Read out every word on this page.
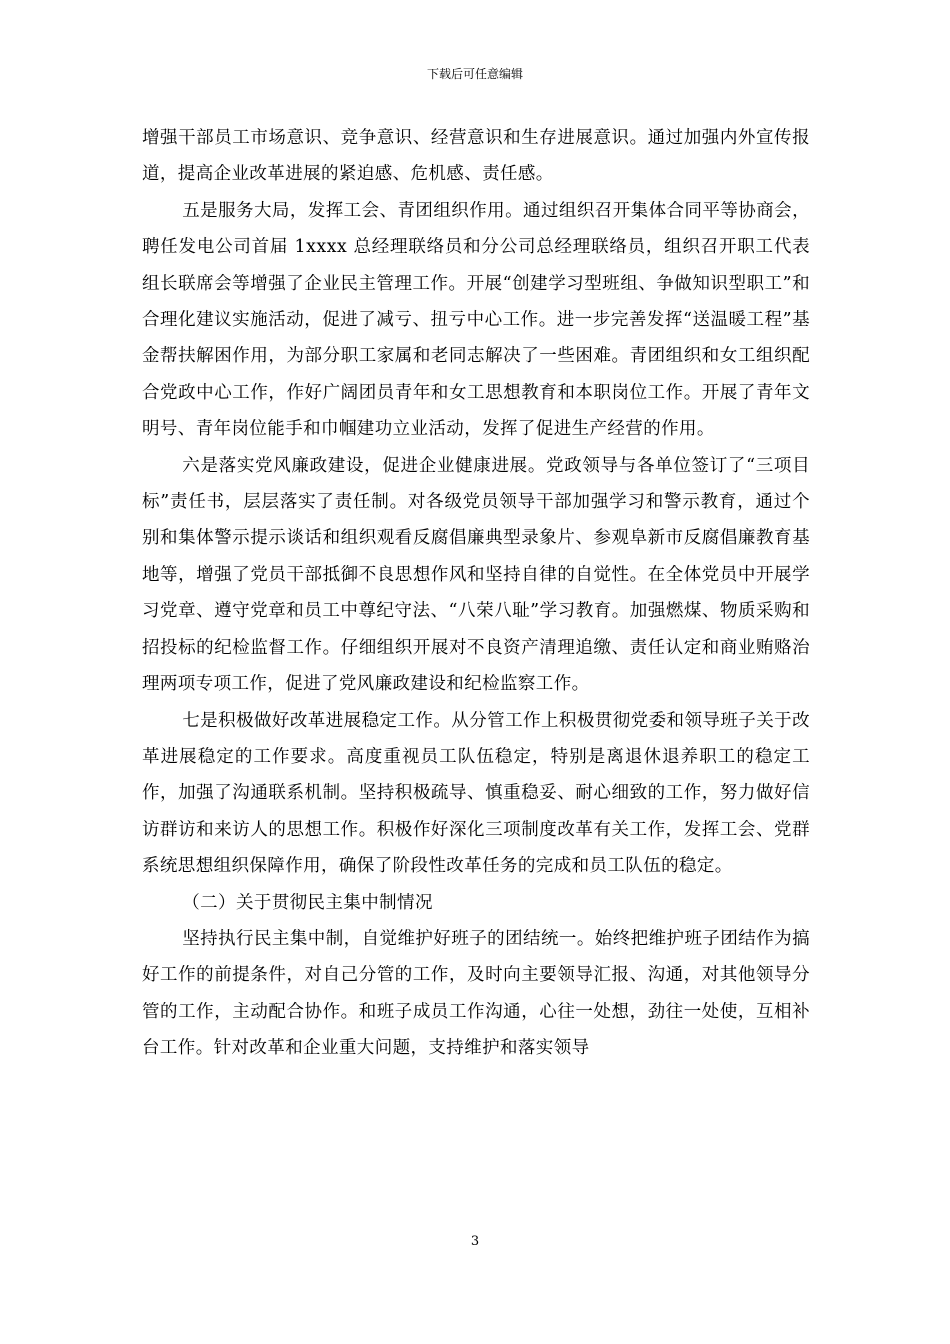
下载后可任意编辑

增强干部员工市场意识、竞争意识、经营意识和生存进展意识。通过加强内外宣传报道，提高企业改革进展的紧迫感、危机感、责任感。

五是服务大局，发挥工会、青团组织作用。通过组织召开集体合同平等协商会，聘任发电公司首届 1xxxx 总经理联络员和分公司总经理联络员，组织召开职工代表组长联席会等增强了企业民主管理工作。开展“创建学习型班组、争做知识型职工”和合理化建议实施活动，促进了减亏、扭亏中心工作。进一步完善发挥“送温暖工程”基金帮扶解困作用，为部分职工家属和老同志解决了一些困难。青团组织和女工组织配合党政中心工作，作好广阔团员青年和女工思想教育和本职岗位工作。开展了青年文明号、青年岗位能手和巾帼建功立业活动，发挥了促进生产经营的作用。

六是落实党风廉政建设，促进企业健康进展。党政领导与各单位签订了“三项目标”责任书，层层落实了责任制。对各级党员领导干部加强学习和警示教育，通过个别和集体警示提示谈话和组织观看反腐倡廉典型录象片、参观阜新市反腐倡廉教育基地等，增强了党员干部抵御不良思想作风和坚持自律的自觉性。在全体党员中开展学习党章、遵守党章和员工中尊纪守法、“八荣八耻”学习教育。加强燃煤、物质采购和招投标的纪检监督工作。仔细组织开展对不良资产清理追缴、责任认定和商业贿赂治理两项专项工作，促进了党风廉政建设和纪检监察工作。

七是积极做好改革进展稳定工作。从分管工作上积极贯彻党委和领导班子关于改革进展稳定的工作要求。高度重视员工队伍稳定，特别是离退休退养职工的稳定工作，加强了沟通联系机制。坚持积极疏导、慎重稳妥、耐心细致的工作，努力做好信访群访和来访人的思想工作。积极作好深化三项制度改革有关工作，发挥工会、党群系统思想组织保障作用，确保了阶段性改革任务的完成和员工队伍的稳定。

（二）关于贯彻民主集中制情况

坚持执行民主集中制，自觉维护好班子的团结统一。始终把维护班子团结作为搞好工作的前提条件，对自己分管的工作，及时向主要领导汇报、沟通，对其他领导分管的工作，主动配合协作。和班子成员工作沟通，心往一处想，劲往一处使，互相补台工作。针对改革和企业重大问题，支持维护和落实领导

3
